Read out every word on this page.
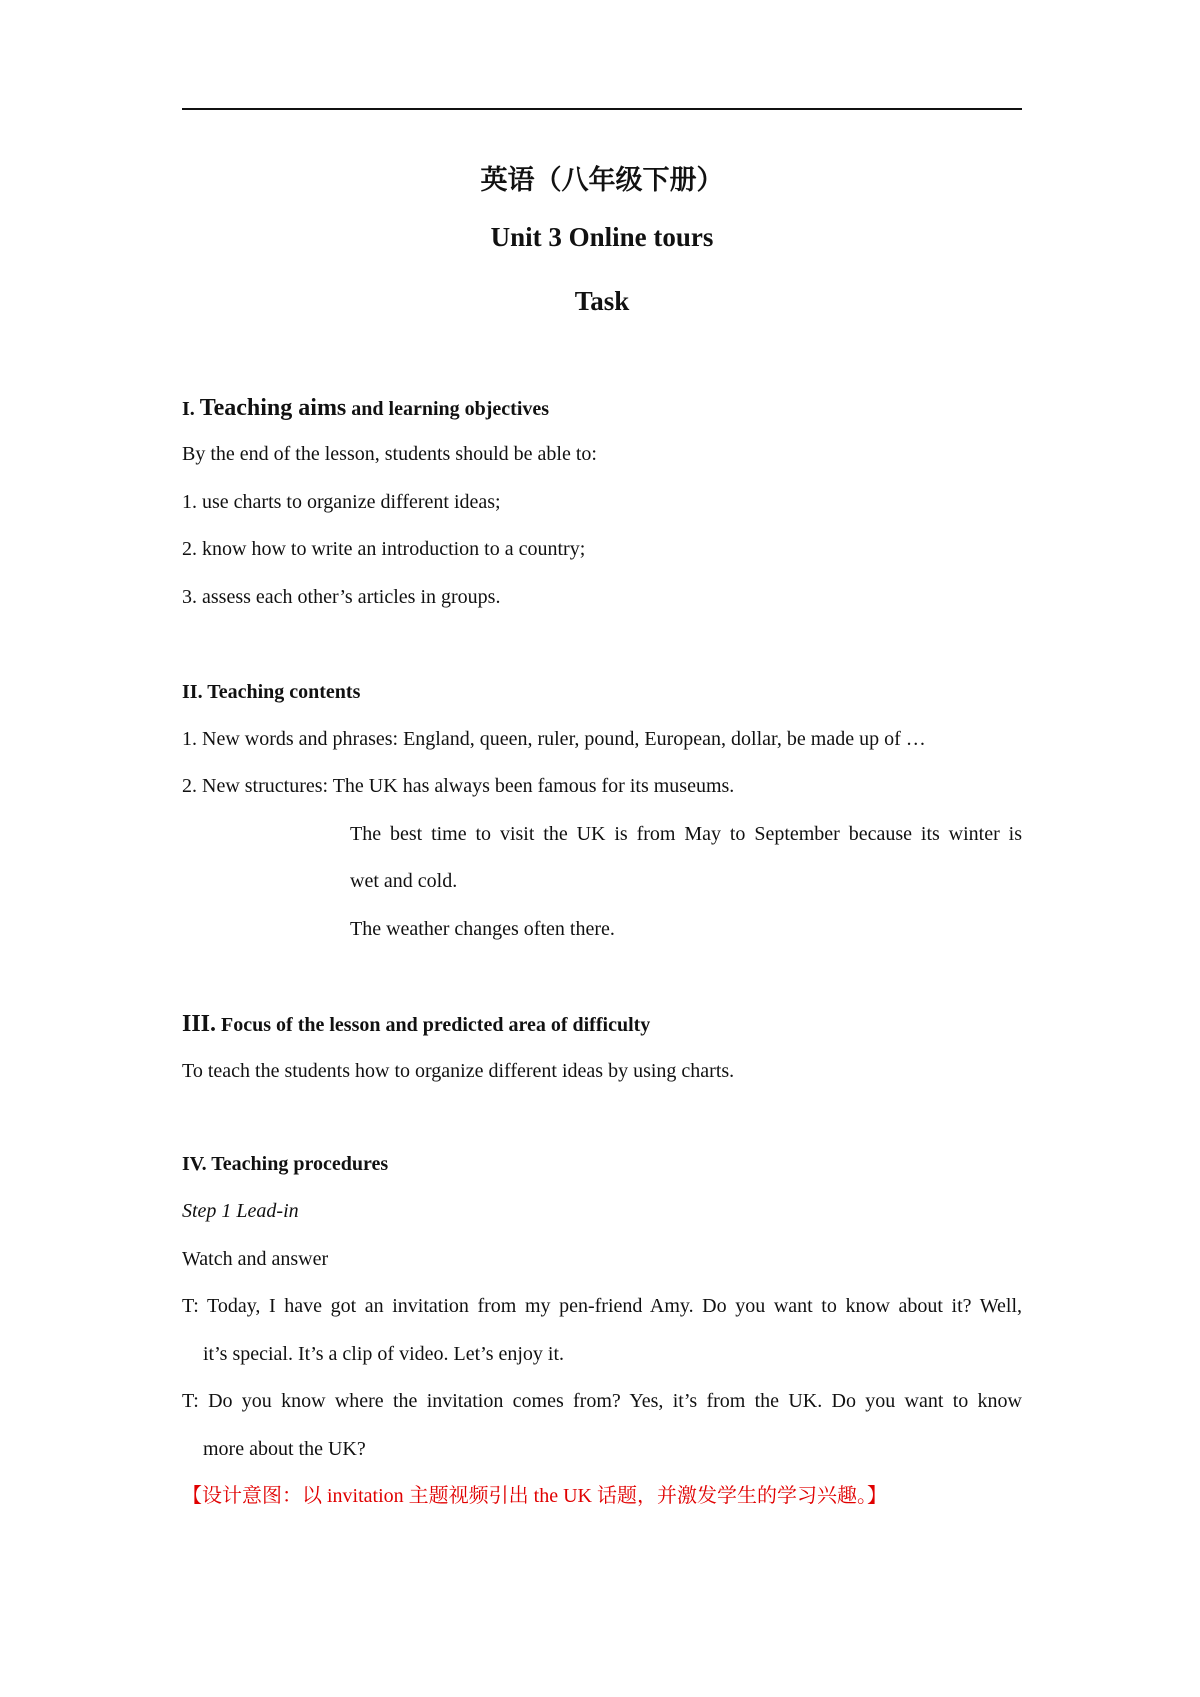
英语（八年级下册）
Unit 3 Online tours
Task
I. Teaching aims and learning objectives
By the end of the lesson, students should be able to:
1. use charts to organize different ideas;
2. know how to write an introduction to a country;
3. assess each other’s articles in groups.
II. Teaching contents
1. New words and phrases: England, queen, ruler, pound, European, dollar, be made up of …
2. New structures: The UK has always been famous for its museums.
The best time to visit the UK is from May to September because its winter is
wet and cold.
The weather changes often there.
III. Focus of the lesson and predicted area of difficulty
To teach the students how to organize different ideas by using charts.
IV. Teaching procedures
Step 1 Lead-in
Watch and answer
T: Today, I have got an invitation from my pen-friend Amy. Do you want to know about it? Well,
it’s special. It’s a clip of video. Let’s enjoy it.
T: Do you know where the invitation comes from? Yes, it’s from the UK. Do you want to know
more about the UK?
【设计意图：以 invitation 主题视频引出 the UK 话题，并激发学生的学习兴趣。】
